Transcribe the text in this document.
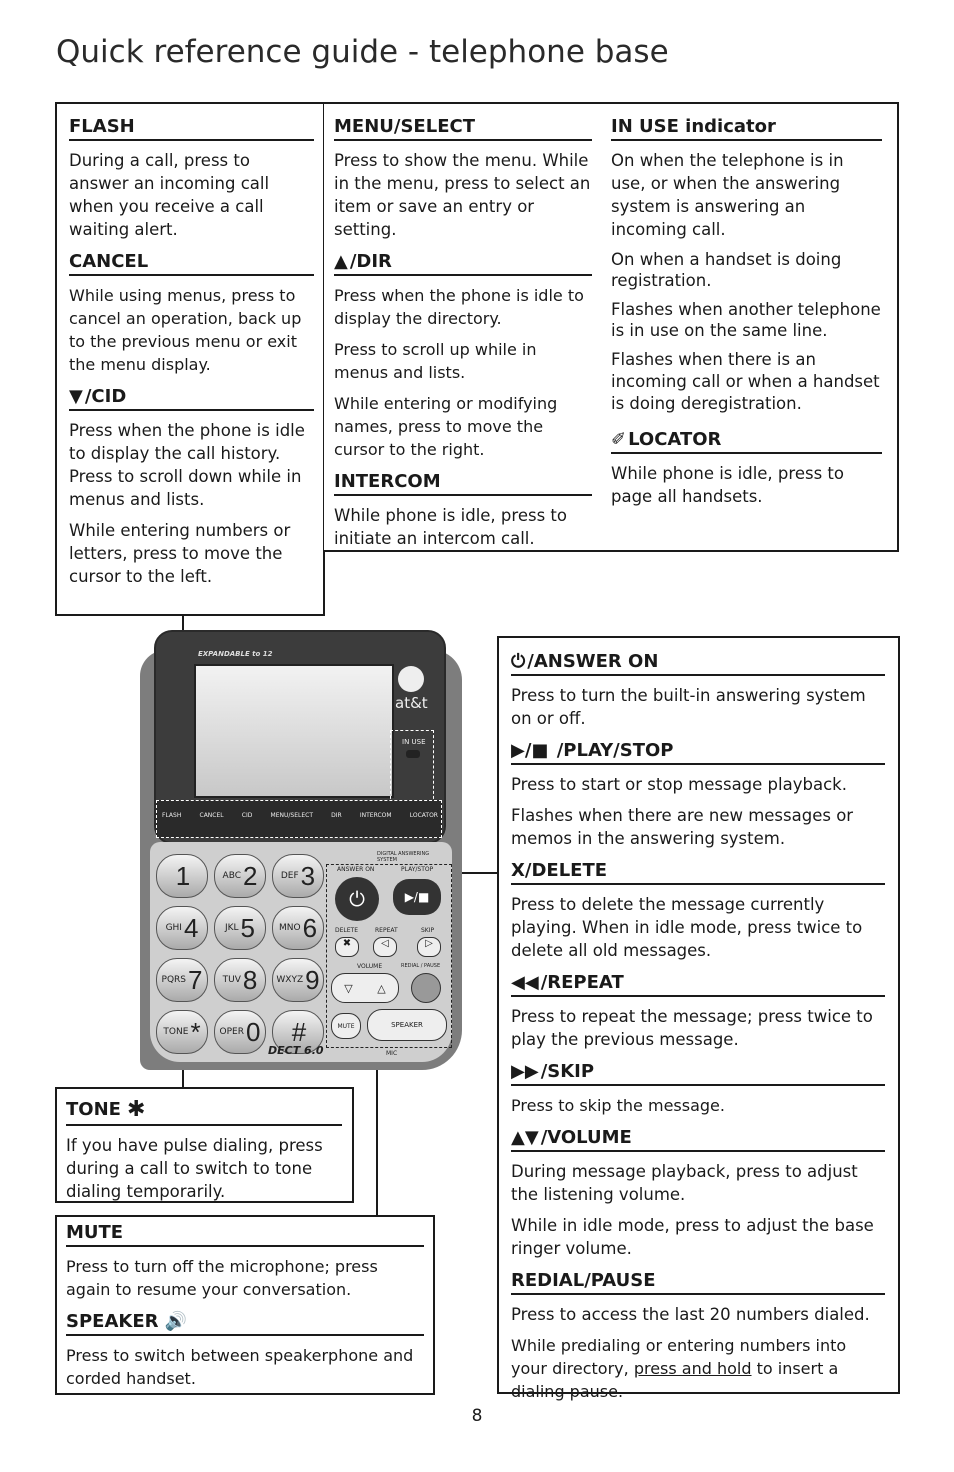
Quick reference guide - telephone base
FLASH

During a call, press to answer an incoming call when you receive a call waiting alert.

CANCEL

While using menus, press to cancel an operation, back up to the previous menu or exit the menu display.

▼ /CID

Press when the phone is idle to display the call history.

Press to scroll down while in menus and lists.

While entering numbers or letters, press to move the cursor to the left.

MENU/SELECT

Press to show the menu. While in the menu, press to select an item or save an entry or setting.

▲ /DIR

Press when the phone is idle to display the directory.

Press to scroll up while in menus and lists.

While entering or modifying names, press to move the cursor to the right.

INTERCOM

While phone is idle, press to initiate an intercom call.

IN USE indicator

On when the telephone is in use, or when the answering system is answering an incoming call.

On when a handset is doing registration.

Flashes when another telephone is in use on the same line.

Flashes when there is an incoming call or when a handset is doing deregistration.

✐ LOCATOR

While phone is idle, press to page all handsets.

⏻ /ANSWER ON

Press to turn the built-in answering system on or off.

▶/■ /PLAY/STOP

Press to start or stop message playback.

Flashes when there are new messages or memos in the answering system.

X/DELETE

Press to delete the message currently playing. When in idle mode, press twice to delete all old messages.

◀◀ /REPEAT

Press to repeat the message; press twice to play the previous message.

▶▶ /SKIP

Press to skip the message.

▲▼ /VOLUME

During message playback, press to adjust the listening volume.

While in idle mode, press to adjust the base ringer volume.

REDIAL/PAUSE

Press to access the last 20 numbers dialed.

While predialing or entering numbers into your directory, press and hold to insert a dialing pause.

TONE ✱

If you have pulse dialing, press during a call to switch to tone dialing temporarily.

MUTE

Press to turn off the microphone; press again to resume your conversation.

SPEAKER 🔊

Press to switch between speakerphone and corded handset.

EXPANDABLE to 12
at&t
IN USE
FLASH	CANCEL	CID	MENU/SELECT	DIR	INTERCOM	LOCATOR
1	ABC 2	DEF 3
GHI 4	JKL 5	MNO 6
PQRS 7 TUV 8 WXYZ 9
TONE * OPER 0 #
DIGITAL ANSWERING SYSTEM
ANSWER ON	PLAY/STOP
⏻	▶/■
DELETE	REPEAT	SKIP
✖	◁	▷
VOLUME	REDIAL / PAUSE
▽ △
MUTE	SPEAKER
DECT 6.0	MIC
8
